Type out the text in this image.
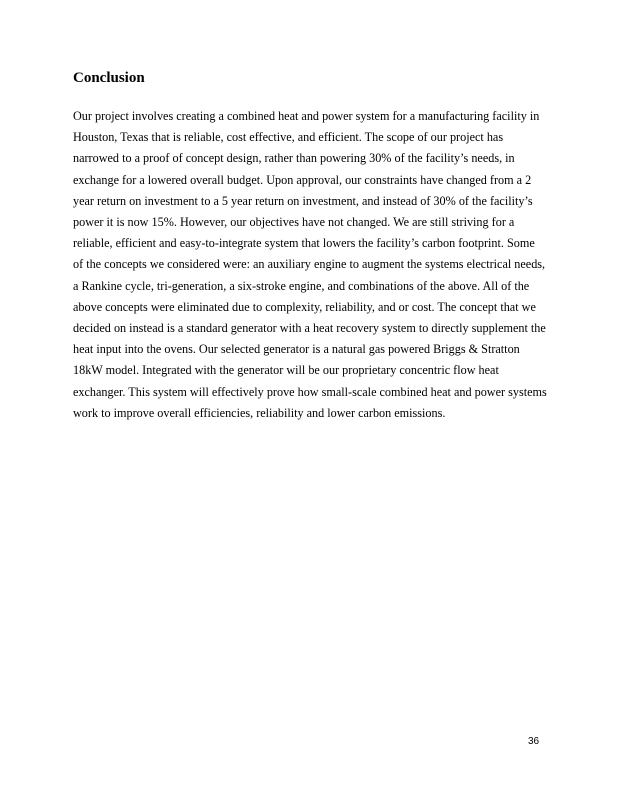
Conclusion

Our project involves creating a combined heat and power system for a manufacturing facility in
Houston, Texas that is reliable, cost effective, and efficient. The scope of our project has
narrowed to a proof of concept design, rather than powering 30% of the facility’s needs, in
exchange for a lowered overall budget. Upon approval, our constraints have changed from a 2
year return on investment to a 5 year return on investment, and instead of 30% of the facility’s
power it is now 15%. However, our objectives have not changed. We are still striving for a
reliable, efficient and easy-to-integrate system that lowers the facility’s carbon footprint. Some
of the concepts we considered were: an auxiliary engine to augment the systems electrical needs,
a Rankine cycle, tri-generation, a six-stroke engine, and combinations of the above. All of the
above concepts were eliminated due to complexity, reliability, and or cost. The concept that we
decided on instead is a standard generator with a heat recovery system to directly supplement the
heat input into the ovens. Our selected generator is a natural gas powered Briggs & Stratton
18kW model. Integrated with the generator will be our proprietary concentric flow heat
exchanger. This system will effectively prove how small-scale combined heat and power systems
work to improve overall efficiencies, reliability and lower carbon emissions.

36
